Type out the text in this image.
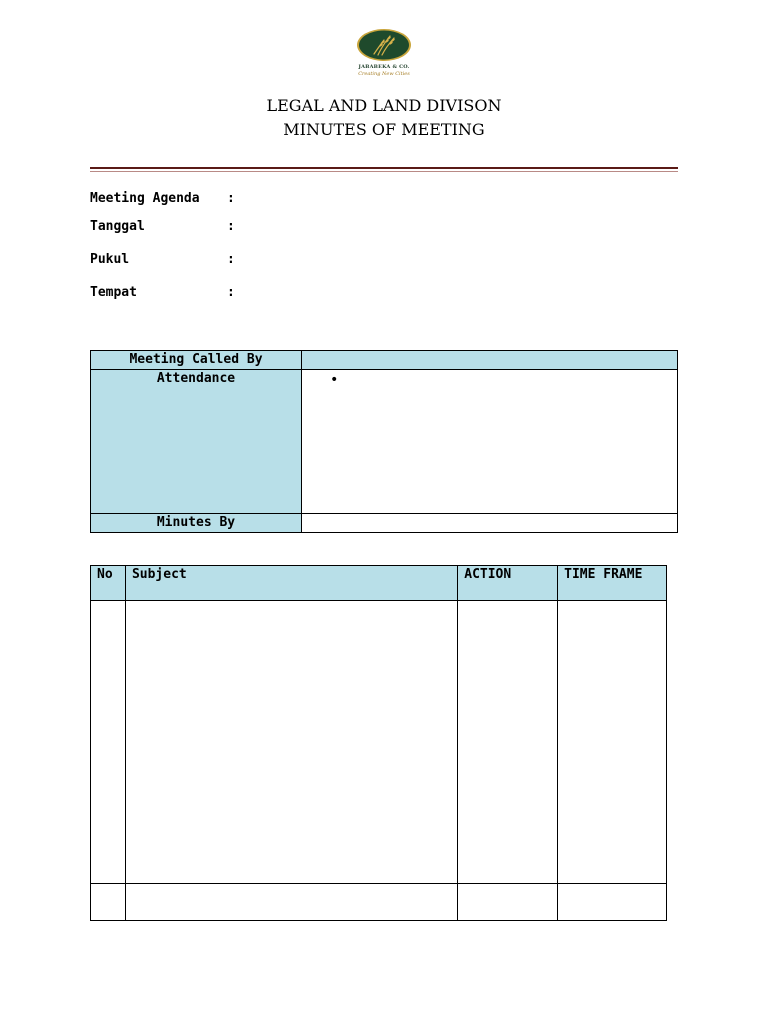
JABABEKA & CO.
Creating New Cities
LEGAL AND LAND DIVISON
MINUTES OF MEETING
Meeting Agenda :
Tanggal	:
Pukul	:
Tempat	:
Meeting Called By	
Attendance	•

Minutes By	
No	Subject	ACTION	TIME FRAME
